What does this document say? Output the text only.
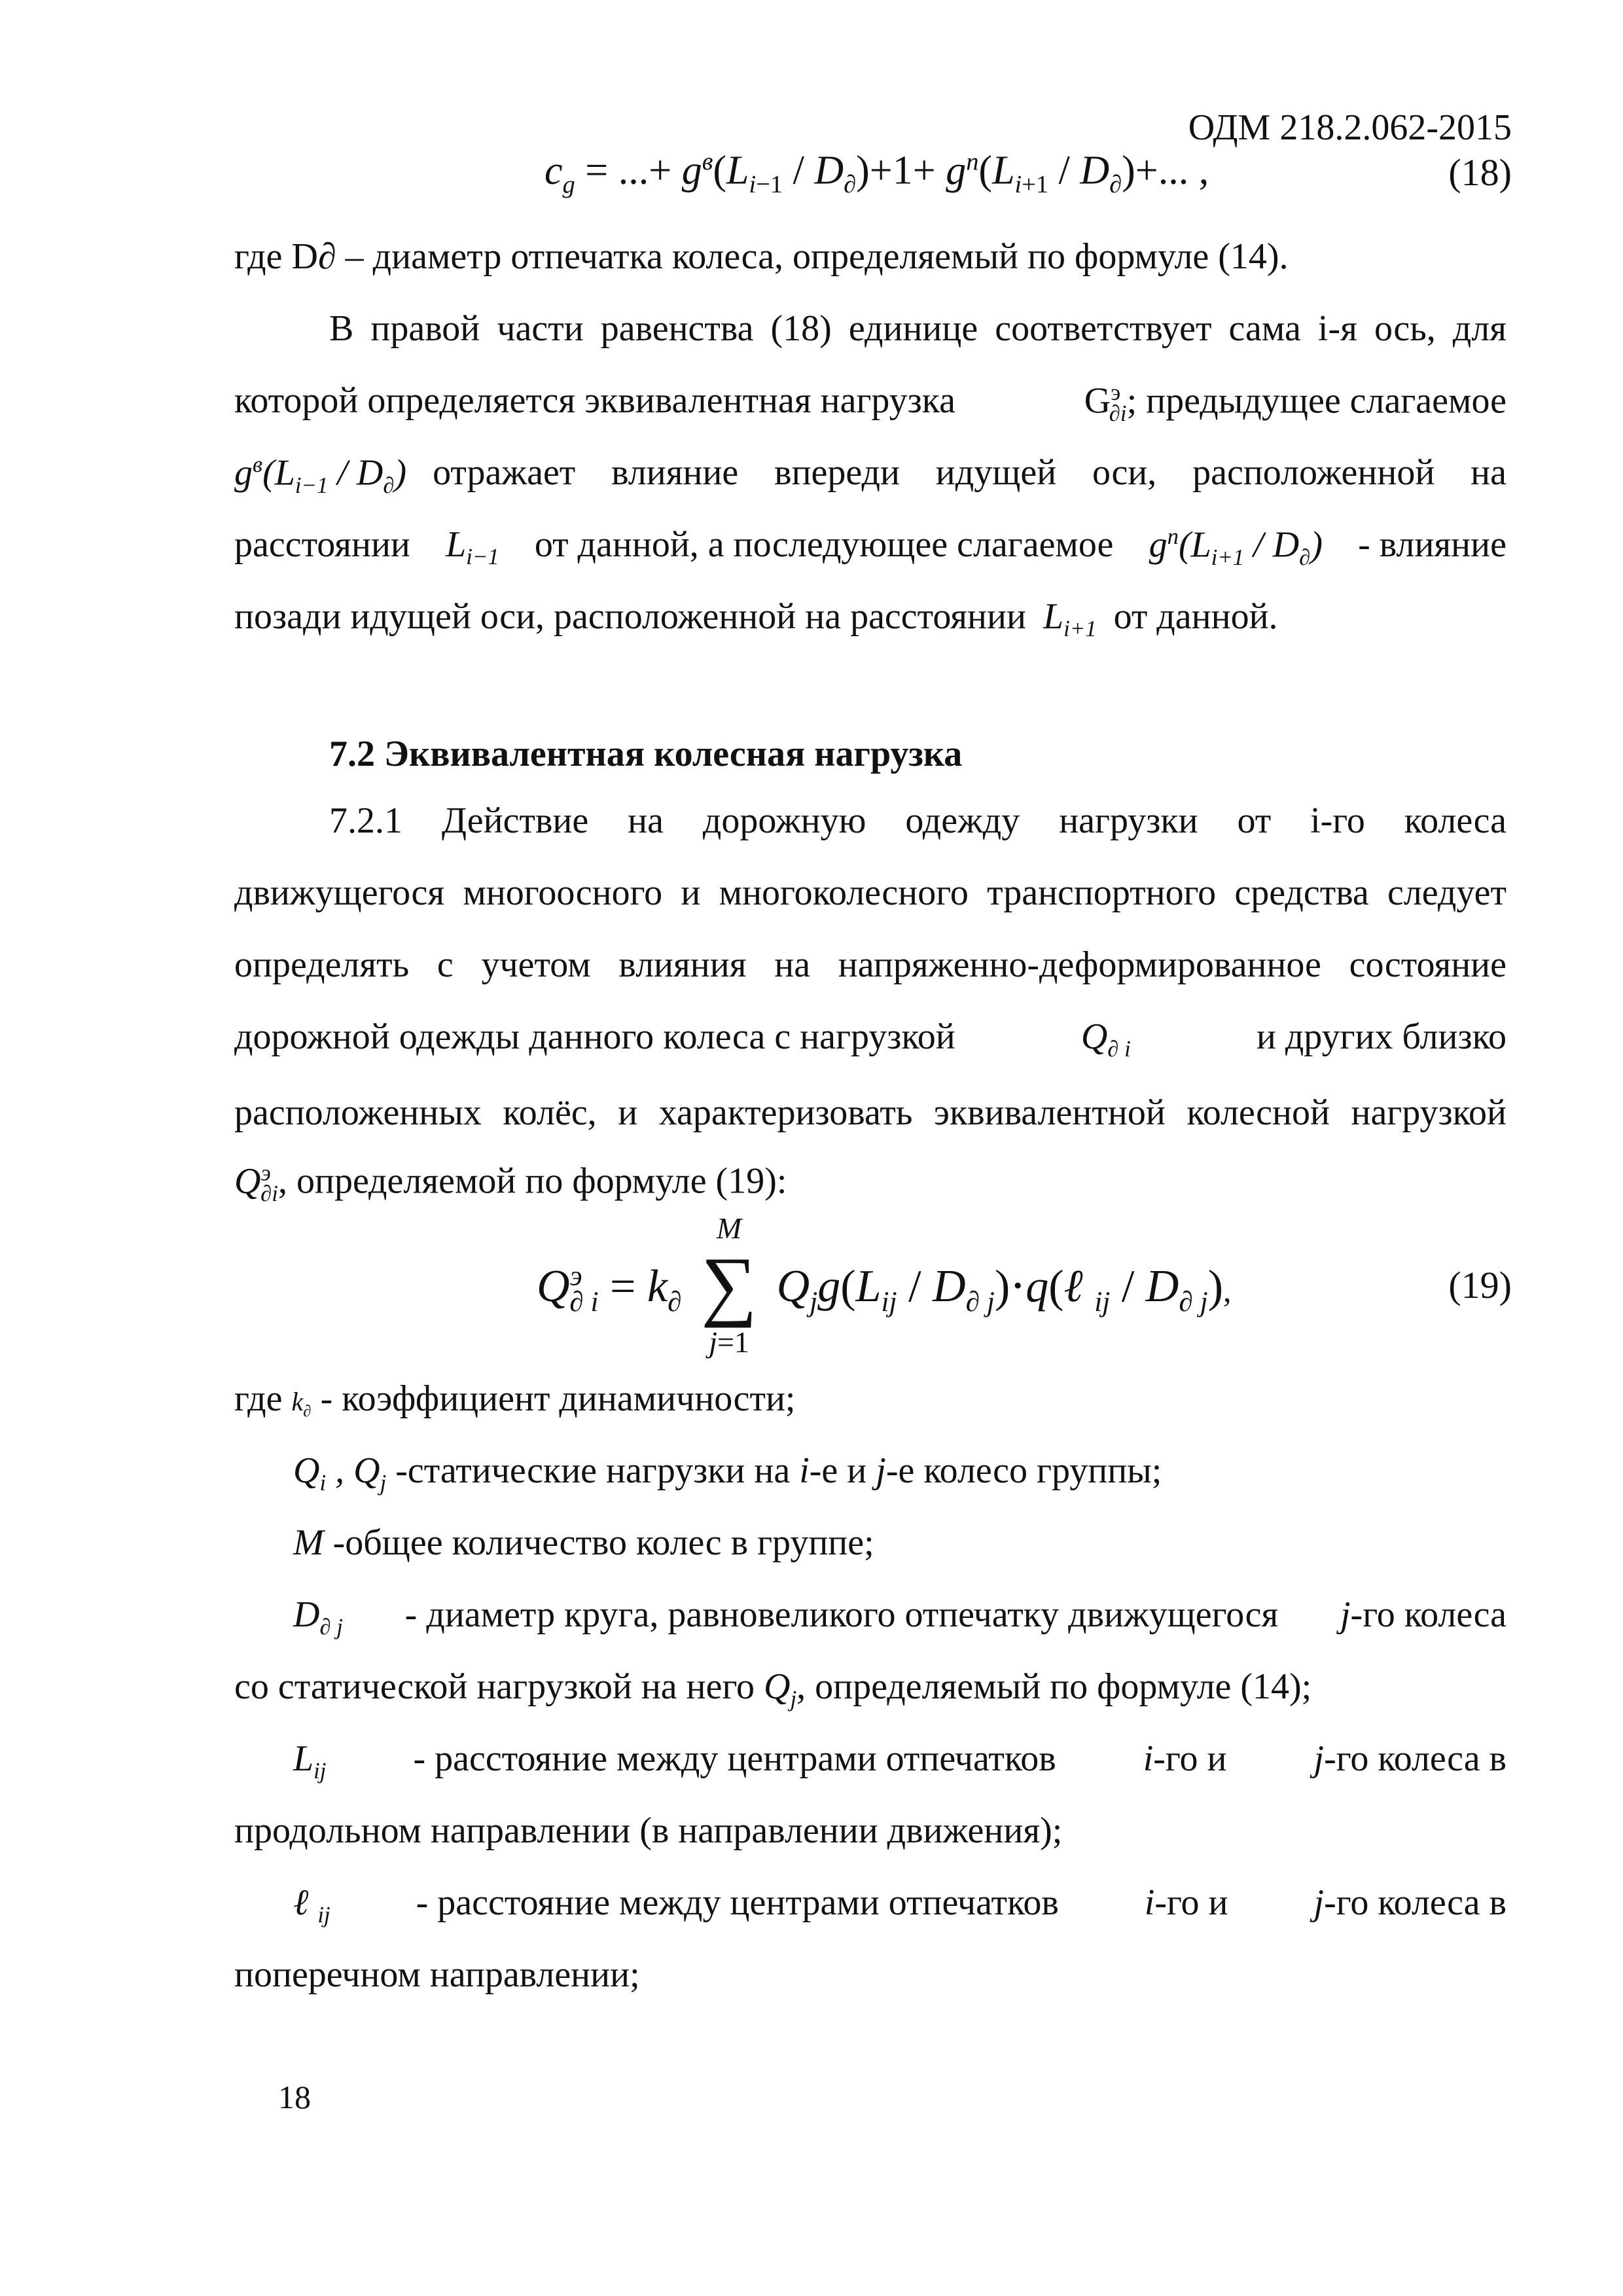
ОДМ 218.2.062-2015
$c_g$ = ...+ $g^в(L_{i-1} / D_\partial)+1+ g^n(L_{i+1} / D_\partial)+$... ,	(18)
где D∂ – диаметр отпечатка колеса, определяемый по формуле (14).
В правой части равенства (18) единице соответствует сама i-я ось, для
которой определяется эквивалентная нагрузка	$G^э_{\partial i}$; предыдущее слагаемое
$g^в(L_{i-1} / D_\partial)$ отражает влияние впереди идущей оси, расположенной на
расстоянии $L_{i-1}$ от данной, а последующее слагаемое $g^n(L_{i+1} / D_\partial)$ - влияние
позади идущей оси, расположенной на расстоянии $L_{i+1}$ от данной.
7.2 Эквивалентная колесная нагрузка
7.2.1 Действие на дорожную одежду нагрузки от i-го колеса
движущегося многоосного и многоколесного транспортного средства следует
определять с учетом влияния на напряженно-деформированное состояние
дорожной одежды данного колеса с нагрузкой	$Q_{\partial i}$	и других близко
расположенных колёс, и характеризовать эквивалентной колесной нагрузкой
$Q^э_{\partial i}$, определяемой по формуле (19):
$Q^э_{\partial i} = k_\partial$
M
∑
j=1
$Q_jg(L_{ij}$ / $D_{\partial j})\cdot q(\ell$ $_{ij} / D_{\partial j}$),	(19)
где $k_\partial$ - коэффициент динамичности;
$Q_i$ , $Q_j$ -статические нагрузки на i-е и j-е колесо группы;
M -общее количество колес в группе;
$D_{\partial j}$ - диаметр круга, равновеликого отпечатку движущегося j-го колеса
со статической нагрузкой на него $Q_j$, определяемый по формуле (14);
$L_{ij}$ - расстояние между центрами отпечатков i-го и j-го колеса в
продольном направлении (в направлении движения);
ℓ $_{ij}$ - расстояние между центрами отпечатков i-го и j-го колеса в
поперечном направлении;
18
